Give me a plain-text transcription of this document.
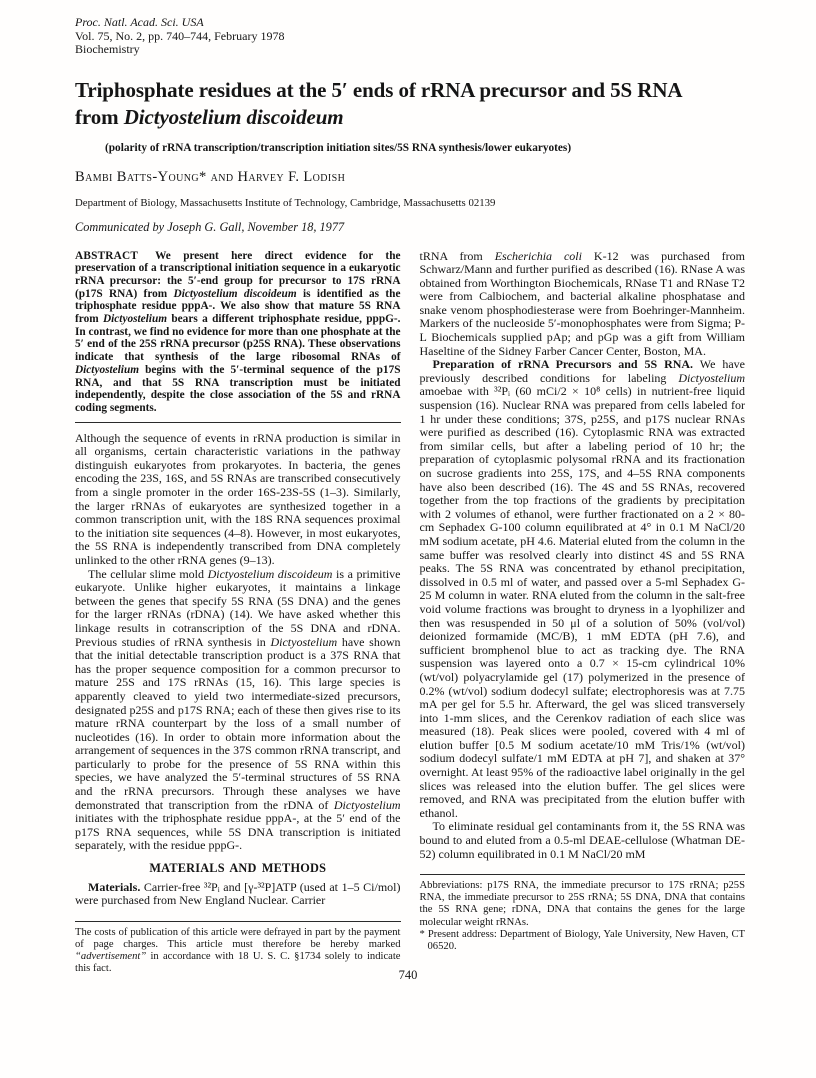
Proc. Natl. Acad. Sci. USA
Vol. 75, No. 2, pp. 740–744, February 1978
Biochemistry
Triphosphate residues at the 5′ ends of rRNA precursor and 5S RNA
from Dictyostelium discoideum
(polarity of rRNA transcription/transcription initiation sites/5S RNA synthesis/lower eukaryotes)
Bambi Batts-Young* and Harvey F. Lodish
Department of Biology, Massachusetts Institute of Technology, Cambridge, Massachusetts 02139
Communicated by Joseph G. Gall, November 18, 1977
ABSTRACT We present here direct evidence for the preservation of a transcriptional initiation sequence in a eukaryotic rRNA precursor: the 5′-end group for precursor to 17S rRNA (p17S RNA) from Dictyostelium discoideum is identified as the triphosphate residue pppA-. We also show that mature 5S RNA from Dictyostelium bears a different triphosphate residue, pppG-. In contrast, we find no evidence for more than one phosphate at the 5′ end of the 25S rRNA precursor (p25S RNA). These observations indicate that synthesis of the large ribosomal RNAs of Dictyostelium begins with the 5′-terminal sequence of the p17S RNA, and that 5S RNA transcription must be initiated independently, despite the close association of the 5S and rRNA coding segments.

Although the sequence of events in rRNA production is similar in all organisms, certain characteristic variations in the pathway distinguish eukaryotes from prokaryotes. In bacteria, the genes encoding the 23S, 16S, and 5S RNAs are transcribed consecutively from a single promoter in the order 16S-23S-5S (1–3). Similarly, the larger rRNAs of eukaryotes are synthesized together in a common transcription unit, with the 18S RNA sequences proximal to the initiation site sequences (4–8). However, in most eukaryotes, the 5S RNA is independently transcribed from DNA completely unlinked to the other rRNA genes (9–13).

The cellular slime mold Dictyostelium discoideum is a primitive eukaryote. Unlike higher eukaryotes, it maintains a linkage between the genes that specify 5S RNA (5S DNA) and the genes for the larger rRNAs (rDNA) (14). We have asked whether this linkage results in cotranscription of the 5S DNA and rDNA. Previous studies of rRNA synthesis in Dictyostelium have shown that the initial detectable transcription product is a 37S RNA that has the proper sequence composition for a common precursor to mature 25S and 17S rRNAs (15, 16). This large species is apparently cleaved to yield two intermediate-sized precursors, designated p25S and p17S RNA; each of these then gives rise to its mature rRNA counterpart by the loss of a small number of nucleotides (16). In order to obtain more information about the arrangement of sequences in the 37S common rRNA transcript, and particularly to probe for the presence of 5S RNA within this species, we have analyzed the 5′-terminal structures of 5S RNA and the rRNA precursors. Through these analyses we have demonstrated that transcription from the rDNA of Dictyostelium initiates with the triphosphate residue pppA-, at the 5′ end of the p17S RNA sequences, while 5S DNA transcription is initiated separately, with the residue pppG-.

MATERIALS AND METHODS

Materials. Carrier-free ³²Pᵢ and [γ-³²P]ATP (used at 1–5 Ci/mol) were purchased from New England Nuclear. Carrier

The costs of publication of this article were defrayed in part by the payment of page charges. This article must therefore be hereby marked “advertisement” in accordance with 18 U. S. C. §1734 solely to indicate this fact.

tRNA from Escherichia coli K-12 was purchased from Schwarz/Mann and further purified as described (16). RNase A was obtained from Worthington Biochemicals, RNase T1 and RNase T2 were from Calbiochem, and bacterial alkaline phosphatase and snake venom phosphodiesterase were from Boehringer-Mannheim. Markers of the nucleoside 5′-monophosphates were from Sigma; P-L Biochemicals supplied pAp; and pGp was a gift from William Haseltine of the Sidney Farber Cancer Center, Boston, MA.

Preparation of rRNA Precursors and 5S RNA. We have previously described conditions for labeling Dictyostelium amoebae with ³²Pᵢ (60 mCi/2 × 10⁸ cells) in nutrient-free liquid suspension (16). Nuclear RNA was prepared from cells labeled for 1 hr under these conditions; 37S, p25S, and p17S nuclear RNAs were purified as described (16). Cytoplasmic RNA was extracted from similar cells, but after a labeling period of 10 hr; the preparation of cytoplasmic polysomal rRNA and its fractionation on sucrose gradients into 25S, 17S, and 4–5S RNA components have also been described (16). The 4S and 5S RNAs, recovered together from the top fractions of the gradients by precipitation with 2 volumes of ethanol, were further fractionated on a 2 × 80-cm Sephadex G-100 column equilibrated at 4° in 0.1 M NaCl/20 mM sodium acetate, pH 4.6. Material eluted from the column in the same buffer was resolved clearly into distinct 4S and 5S RNA peaks. The 5S RNA was concentrated by ethanol precipitation, dissolved in 0.5 ml of water, and passed over a 5-ml Sephadex G-25 M column in water. RNA eluted from the column in the salt-free void volume fractions was brought to dryness in a lyophilizer and then was resuspended in 50 μl of a solution of 50% (vol/vol) deionized formamide (MC/B), 1 mM EDTA (pH 7.6), and sufficient bromphenol blue to act as tracking dye. The RNA suspension was layered onto a 0.7 × 15-cm cylindrical 10% (wt/vol) polyacrylamide gel (17) polymerized in the presence of 0.2% (wt/vol) sodium dodecyl sulfate; electrophoresis was at 7.75 mA per gel for 5.5 hr. Afterward, the gel was sliced transversely into 1-mm slices, and the Cerenkov radiation of each slice was measured (18). Peak slices were pooled, covered with 4 ml of elution buffer [0.5 M sodium acetate/10 mM Tris/1% (wt/vol) sodium dodecyl sulfate/1 mM EDTA at pH 7], and shaken at 37° overnight. At least 95% of the radioactive label originally in the gel slices was released into the elution buffer. The gel slices were removed, and RNA was precipitated from the elution buffer with ethanol.

To eliminate residual gel contaminants from it, the 5S RNA was bound to and eluted from a 0.5-ml DEAE-cellulose (Whatman DE-52) column equilibrated in 0.1 M NaCl/20 mM

Abbreviations: p17S RNA, the immediate precursor to 17S rRNA; p25S RNA, the immediate precursor to 25S rRNA; 5S DNA, DNA that contains the 5S RNA gene; rDNA, DNA that contains the genes for the large molecular weight rRNAs.

* Present address: Department of Biology, Yale University, New Haven, CT 06520.

740
